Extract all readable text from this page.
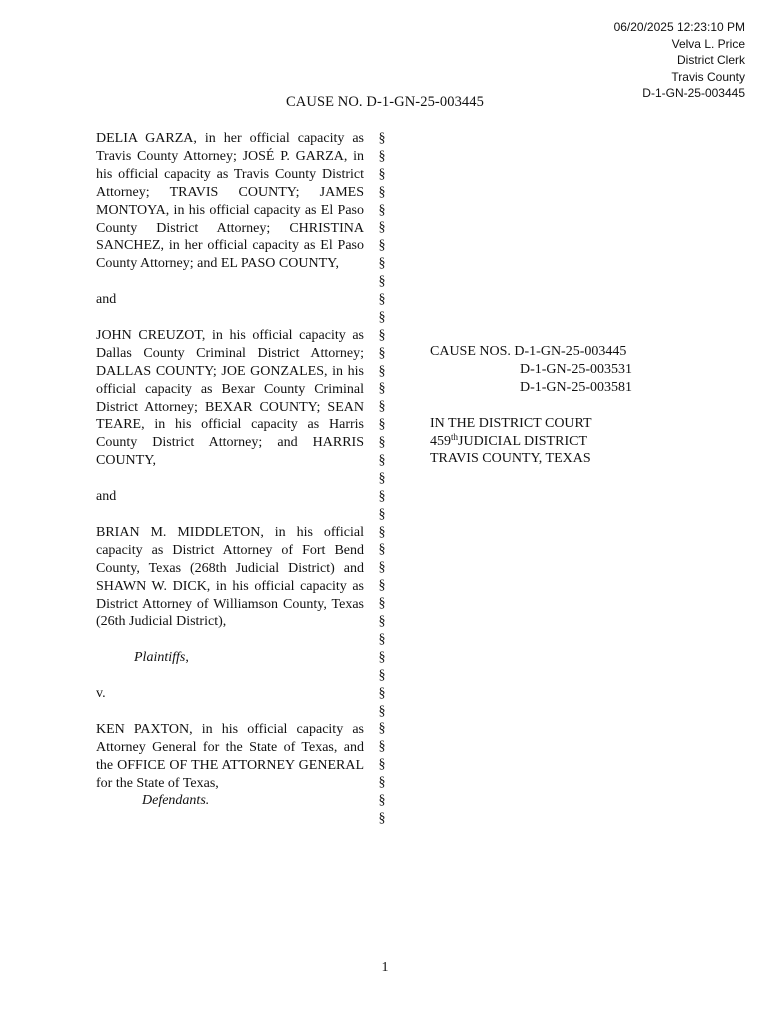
06/20/2025 12:23:10 PM
Velva L. Price
District Clerk
Travis County
D-1-GN-25-003445
CAUSE NO. D-1-GN-25-003445

DELIA GARZA, in her official capacity as Travis County Attorney; JOSÉ P. GARZA, in his official capacity as Travis County District Attorney; TRAVIS COUNTY; JAMES MONTOYA, in his official capacity as El Paso County District Attorney; CHRISTINA SANCHEZ, in her official capacity as El Paso County Attorney; and EL PASO COUNTY,

and

JOHN CREUZOT, in his official capacity as Dallas County Criminal District Attorney; DALLAS COUNTY; JOE GONZALES, in his official capacity as Bexar County Criminal District Attorney; BEXAR COUNTY; SEAN TEARE, in his official capacity as Harris County District Attorney; and HARRIS COUNTY,

and

BRIAN M. MIDDLETON, in his official capacity as District Attorney of Fort Bend County, Texas (268th Judicial District) and SHAWN W. DICK, in his official capacity as District Attorney of Williamson County, Texas (26th Judicial District),

Plaintiffs,

v.

KEN PAXTON, in his official capacity as Attorney General for the State of Texas, and the OFFICE OF THE ATTORNEY GENERAL for the State of Texas,

Defendants.

§
§
§
§
§
§
§
§
§
§
§
§
§
§
§
§
§
§
§
§
§
§
§
§
§
§
§
§
§
§
§
§
§
§
§
§
§
§
§
CAUSE NOS. D-1-GN-25-003445
D-1-GN-25-003531
D-1-GN-25-003581
IN THE DISTRICT COURT
459thJUDICIAL DISTRICT
TRAVIS COUNTY, TEXAS
1
